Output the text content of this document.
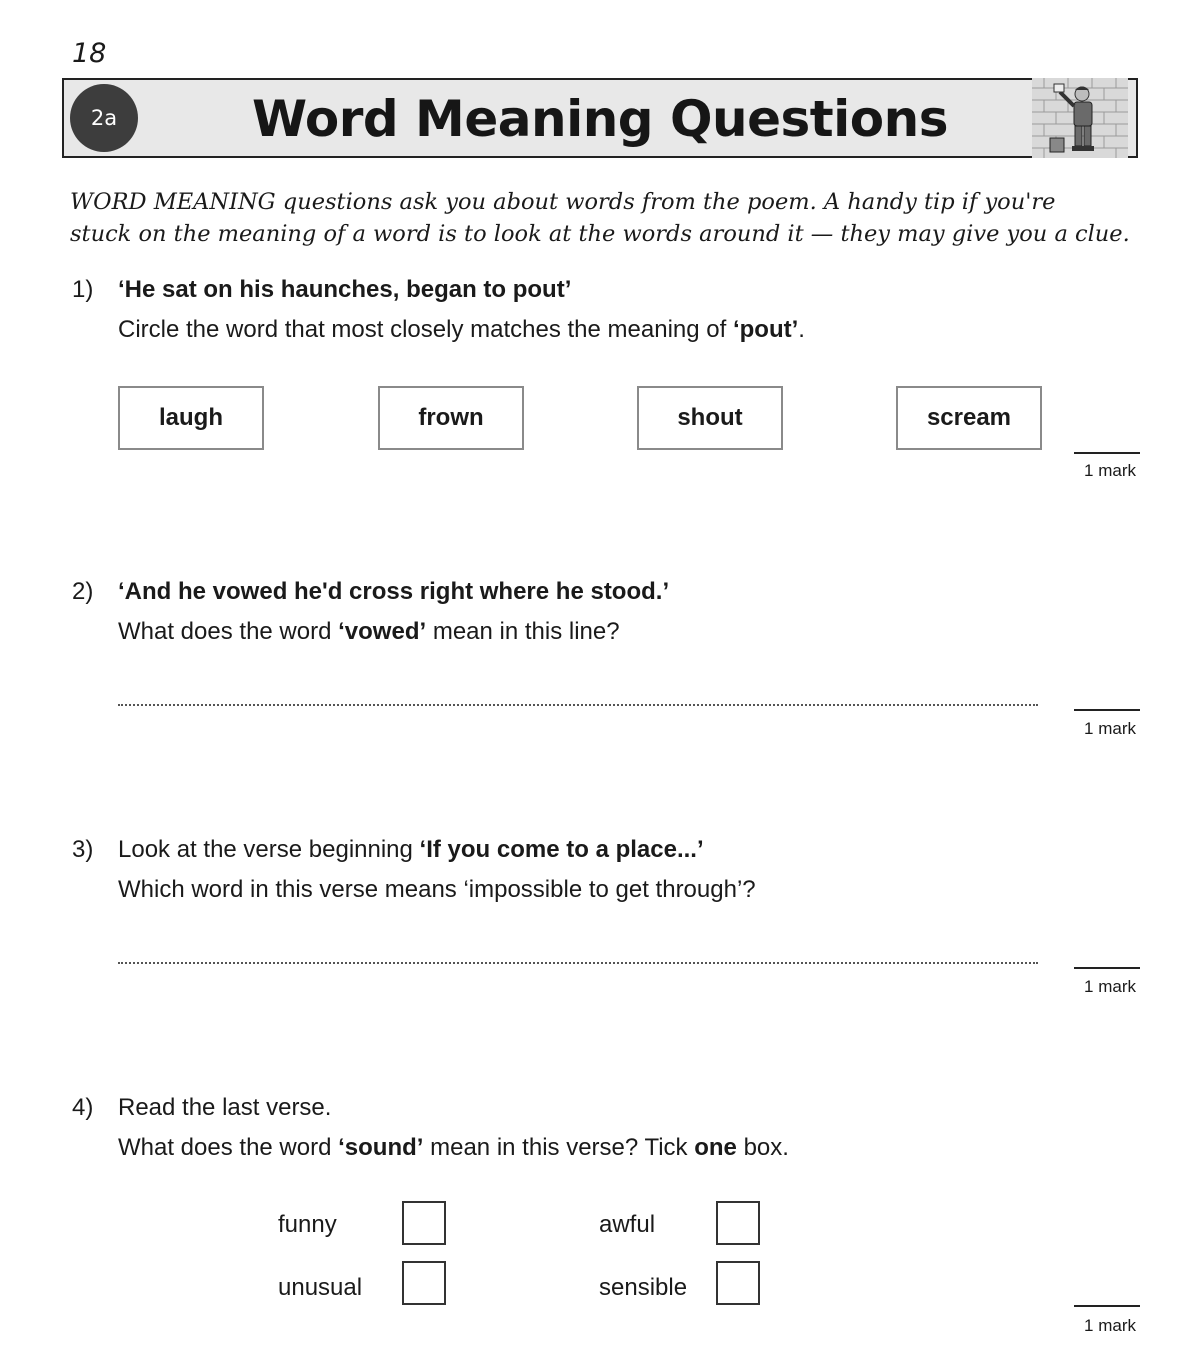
18
2a	Word Meaning Questions
WORD MEANING questions ask you about words from the poem. A handy tip if you're
stuck on the meaning of a word is to look at the words around it — they may give you a clue.
1) ‘He sat on his haunches, began to pout’
Circle the word that most closely matches the meaning of ‘pout’.
laugh	frown	shout	scream
1 mark
2) ‘And he vowed he'd cross right where he stood.’
What does the word ‘vowed’ mean in this line?
1 mark
3) Look at the verse beginning ‘If you come to a place...’
Which word in this verse means ‘impossible to get through’?
1 mark
4) Read the last verse.
What does the word ‘sound’ mean in this verse? Tick one box.
funny	awful
unusual	sensible
1 mark
